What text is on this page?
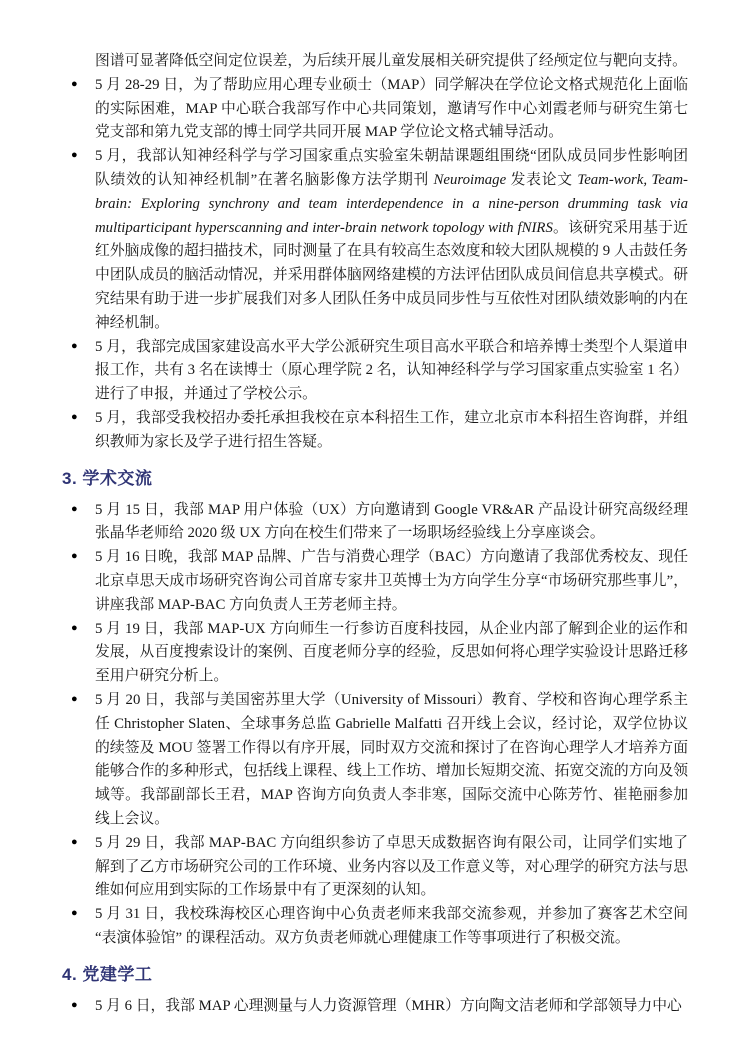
图谱可显著降低空间定位误差，为后续开展儿童发展相关研究提供了经颅定位与靶向支持。

● 5 月 28-29 日，为了帮助应用心理专业硕士（MAP）同学解决在学位论文格式规范化上面临的实际困难，MAP 中心联合我部写作中心共同策划，邀请写作中心刘霞老师与研究生第七党支部和第九党支部的博士同学共同开展 MAP 学位论文格式辅导活动。
● 5 月，我部认知神经科学与学习国家重点实验室朱朝喆课题组围绕“团队成员同步性影响团队绩效的认知神经机制”在著名脑影像方法学期刊 Neuroimage 发表论文 Team-work, Team-brain: Exploring synchrony and team interdependence in a nine-person drumming task via multiparticipant hyperscanning and inter-brain network topology with fNIRS。该研究采用基于近红外脑成像的超扫描技术，同时测量了在具有较高生态效度和较大团队规模的 9 人击鼓任务中团队成员的脑活动情况，并采用群体脑网络建模的方法评估团队成员间信息共享模式。研究结果有助于进一步扩展我们对多人团队任务中成员同步性与互依性对团队绩效影响的内在神经机制。
● 5 月，我部完成国家建设高水平大学公派研究生项目高水平联合和培养博士类型个人渠道申报工作，共有 3 名在读博士（原心理学院 2 名，认知神经科学与学习国家重点实验室 1 名）进行了申报，并通过了学校公示。
● 5 月，我部受我校招办委托承担我校在京本科招生工作，建立北京市本科招生咨询群，并组织教师为家长及学子进行招生答疑。
3. 学术交流
● 5 月 15 日，我部 MAP 用户体验（UX）方向邀请到 Google VR&AR 产品设计研究高级经理张晶华老师给 2020 级 UX 方向在校生们带来了一场职场经验线上分享座谈会。
● 5 月 16 日晚，我部 MAP 品牌、广告与消费心理学（BAC）方向邀请了我部优秀校友、现任北京卓思天成市场研究咨询公司首席专家井卫英博士为方向学生分享“市场研究那些事儿”，讲座我部 MAP-BAC 方向负责人王芳老师主持。
● 5 月 19 日，我部 MAP-UX 方向师生一行参访百度科技园，从企业内部了解到企业的运作和发展，从百度搜索设计的案例、百度老师分享的经验，反思如何将心理学实验设计思路迁移至用户研究分析上。
● 5 月 20 日，我部与美国密苏里大学（University of Missouri）教育、学校和咨询心理学系主任 Christopher Slaten、全球事务总监 Gabrielle Malfatti 召开线上会议，经讨论，双学位协议的续签及 MOU 签署工作得以有序开展，同时双方交流和探讨了在咨询心理学人才培养方面能够合作的多种形式，包括线上课程、线上工作坊、增加长短期交流、拓宽交流的方向及领域等。我部副部长王君，MAP 咨询方向负责人李非寒，国际交流中心陈芳竹、崔艳丽参加线上会议。
● 5 月 29 日，我部 MAP-BAC 方向组织参访了卓思天成数据咨询有限公司，让同学们实地了解到了乙方市场研究公司的工作环境、业务内容以及工作意义等，对心理学的研究方法与思维如何应用到实际的工作场景中有了更深刻的认知。
● 5 月 31 日，我校珠海校区心理咨询中心负责老师来我部交流参观，并参加了赛客艺术空间“表演体验馆” 的课程活动。双方负责老师就心理健康工作等事项进行了积极交流。
4. 党建学工
● 5 月 6 日，我部 MAP 心理测量与人力资源管理（MHR）方向陶文洁老师和学部领导力中心
